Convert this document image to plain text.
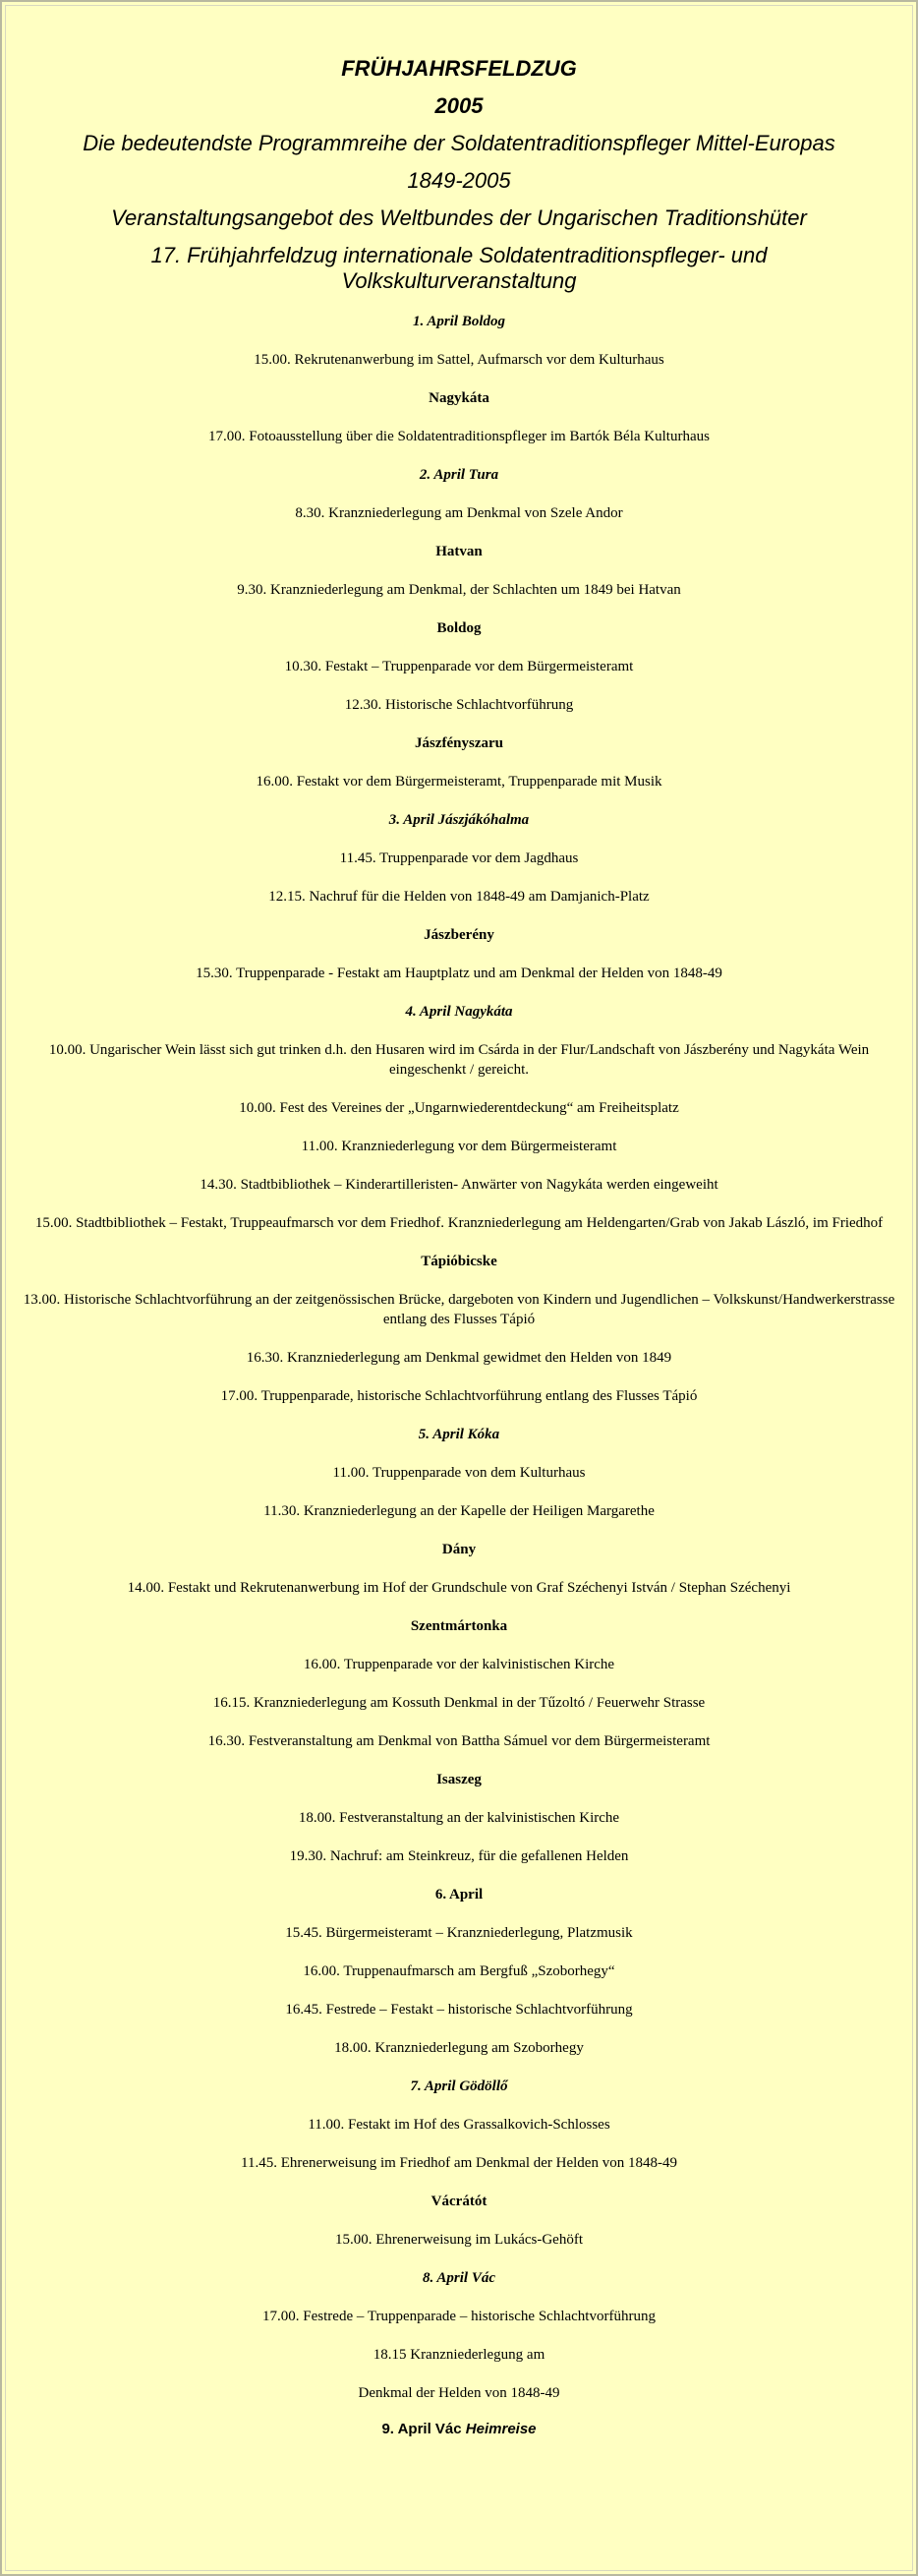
FRÜHJAHRSFELDZUG
2005
Die bedeutendste Programmreihe der Soldatentraditionspfleger Mittel-Europas
1849-2005
Veranstaltungsangebot des Weltbundes der Ungarischen Traditionshüter
17. Frühjahrfeldzug internationale Soldatentraditionspfleger- und
Volkskulturveranstaltung
1. April Boldog
15.00. Rekrutenanwerbung im Sattel, Aufmarsch vor dem Kulturhaus
Nagykáta
17.00. Fotoausstellung über die Soldatentraditionspfleger im Bartók Béla Kulturhaus
2. April Tura
8.30. Kranzniederlegung am Denkmal von Szele Andor
Hatvan
9.30. Kranzniederlegung am Denkmal, der Schlachten um 1849 bei Hatvan
Boldog
10.30. Festakt – Truppenparade vor dem Bürgermeisteramt
12.30. Historische Schlachtvorführung
Jászfényszaru
16.00. Festakt vor dem Bürgermeisteramt, Truppenparade mit Musik
3. April Jászjákóhalma
11.45. Truppenparade vor dem Jagdhaus
12.15. Nachruf für die Helden von 1848-49 am Damjanich-Platz
Jászberény
15.30. Truppenparade - Festakt am Hauptplatz und am Denkmal der Helden von 1848-49
4. April Nagykáta
10.00. Ungarischer Wein lässt sich gut trinken d.h. den Husaren wird im Csárda in der Flur/Landschaft von Jászberény und Nagykáta Wein eingeschenkt / gereicht.
10.00. Fest des Vereines der „Ungarnwiederentdeckung“ am Freiheitsplatz
11.00. Kranzniederlegung vor dem Bürgermeisteramt
14.30. Stadtbibliothek – Kinderartilleristen- Anwärter von Nagykáta werden eingeweiht
15.00. Stadtbibliothek – Festakt, Truppeaufmarsch vor dem Friedhof. Kranzniederlegung am Heldengarten/Grab von Jakab László, im Friedhof
Tápióbicske
13.00. Historische Schlachtvorführung an der zeitgenössischen Brücke, dargeboten von Kindern und Jugendlichen – Volkskunst/Handwerkerstrasse entlang des Flusses Tápió
16.30. Kranzniederlegung am Denkmal gewidmet den Helden von 1849
17.00. Truppenparade, historische Schlachtvorführung entlang des Flusses Tápió
5. April Kóka
11.00. Truppenparade von dem Kulturhaus
11.30. Kranzniederlegung an der Kapelle der Heiligen Margarethe
Dány
14.00. Festakt und Rekrutenanwerbung im Hof der Grundschule von Graf Széchenyi István / Stephan Széchenyi
Szentmártonka
16.00. Truppenparade vor der kalvinistischen Kirche
16.15. Kranzniederlegung am Kossuth Denkmal in der Tűzoltó / Feuerwehr Strasse
16.30. Festveranstaltung am Denkmal von Battha Sámuel vor dem Bürgermeisteramt
Isaszeg
18.00. Festveranstaltung an der kalvinistischen Kirche
19.30. Nachruf: am Steinkreuz, für die gefallenen Helden
6. April
15.45. Bürgermeisteramt – Kranzniederlegung, Platzmusik
16.00. Truppenaufmarsch am Bergfuß „Szoborhegy“
16.45. Festrede – Festakt – historische Schlachtvorführung
18.00. Kranzniederlegung am Szoborhegy
7. April Gödöllő
11.00. Festakt im Hof des Grassalkovich-Schlosses
11.45. Ehrenerweisung im Friedhof am Denkmal der Helden von 1848-49
Vácrátót
15.00. Ehrenerweisung im Lukács-Gehöft
8. April Vác
17.00. Festrede – Truppenparade – historische Schlachtvorführung
18.15 Kranzniederlegung am
Denkmal der Helden von 1848-49
9. April Vác Heimreise
